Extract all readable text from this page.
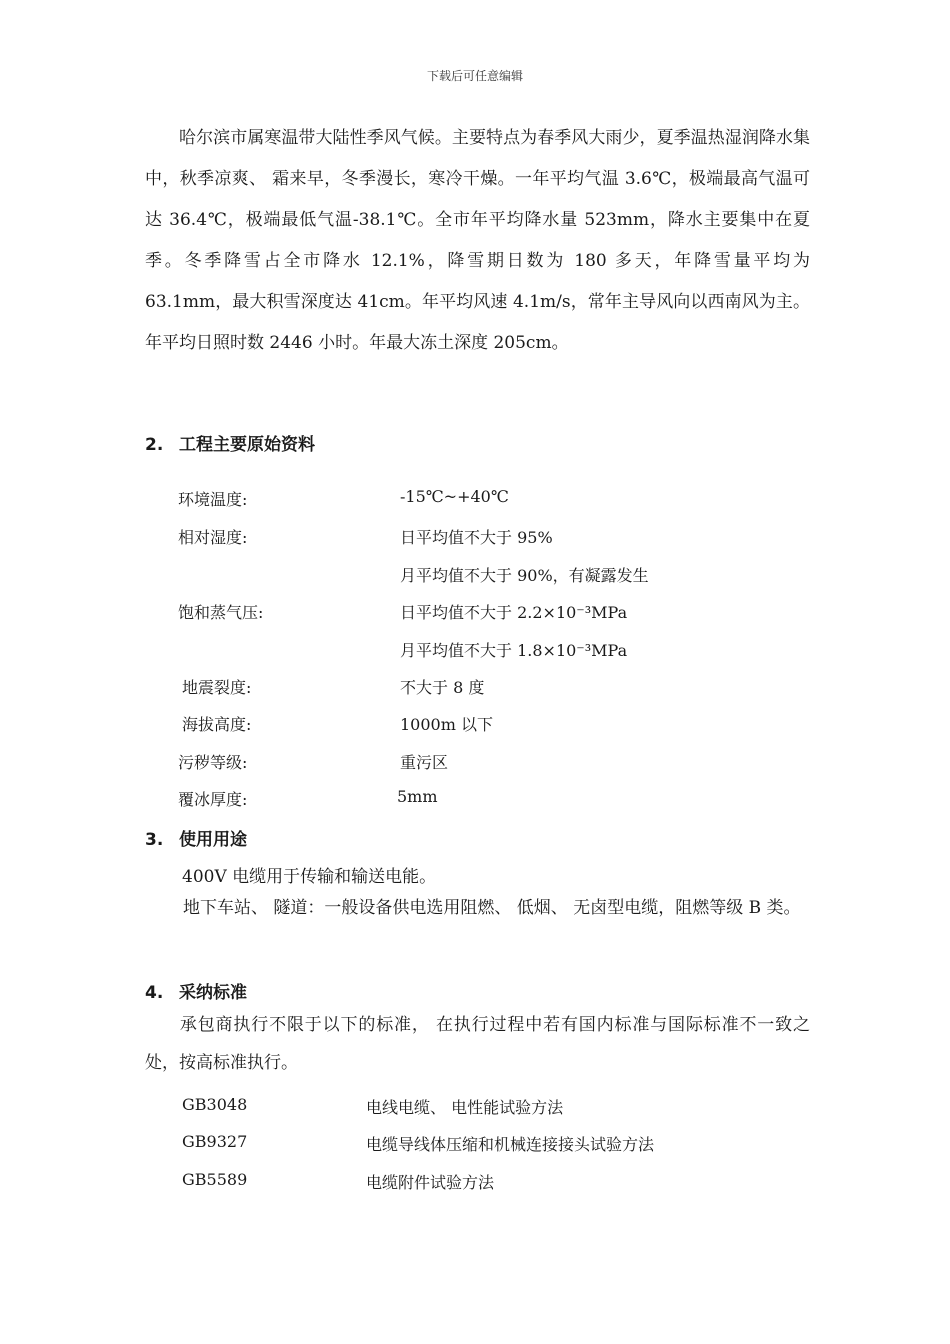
下载后可任意编辑
哈尔滨市属寒温带大陆性季风气候。主要特点为春季风大雨少，夏季温热湿润降水集中，秋季凉爽、 霜来早，冬季漫长，寒冷干燥。一年平均气温 3.6℃，极端最高气温可达 36.4℃，极端最低气温-38.1℃。全市年平均降水量 523mm，降水主要集中在夏季。冬季降雪占全市降水 12.1%，降雪期日数为 180 多天，年降雪量平均为 63.1mm，最大积雪深度达 41cm。年平均风速 4.1m/s，常年主导风向以西南风为主。年平均日照时数 2446 小时。年最大冻土深度 205cm。
2. 工程主要原始资料
环境温度:	-15℃~+40℃
相对湿度:	日平均值不大于 95%
月平均值不大于 90%，有凝露发生
饱和蒸气压:	日平均值不大于 2.2×10⁻³MPa
月平均值不大于 1.8×10⁻³MPa
地震裂度:	不大于 8 度
海拔高度:	1000m 以下
污秽等级:	重污区
覆冰厚度:	5mm
3. 使用用途
400V 电缆用于传输和输送电能。
地下车站、 隧道：一般设备供电选用阻燃、 低烟、 无卤型电缆，阻燃等级 B 类。
4. 采纳标准
承包商执行不限于以下的标准， 在执行过程中若有国内标准与国际标准不一致之处，按高标准执行。
GB3048	电线电缆、 电性能试验方法
GB9327	电缆导线体压缩和机械连接接头试验方法
GB5589	电缆附件试验方法
